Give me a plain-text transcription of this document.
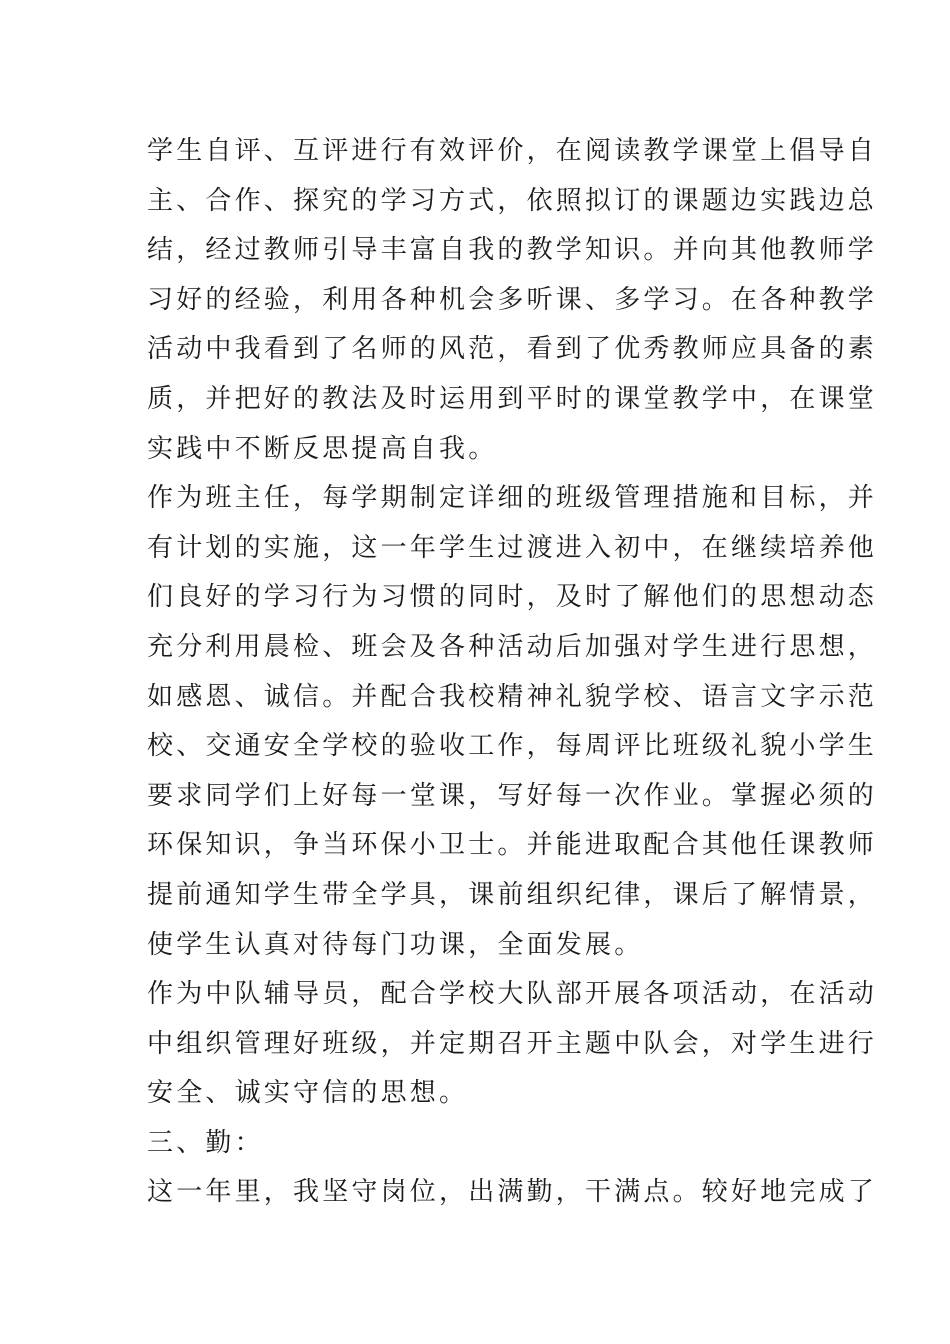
学生自评、互评进行有效评价，在阅读教学课堂上倡导自
主、合作、探究的学习方式，依照拟订的课题边实践边总
结，经过教师引导丰富自我的教学知识。并向其他教师学
习好的经验，利用各种机会多听课、多学习。在各种教学
活动中我看到了名师的风范，看到了优秀教师应具备的素
质，并把好的教法及时运用到平时的课堂教学中，在课堂
实践中不断反思提高自我。
作为班主任，每学期制定详细的班级管理措施和目标，并
有计划的实施，这一年学生过渡进入初中，在继续培养他
们良好的学习行为习惯的同时，及时了解他们的思想动态
充分利用晨检、班会及各种活动后加强对学生进行思想，
如感恩、诚信。并配合我校精神礼貌学校、语言文字示范
校、交通安全学校的验收工作，每周评比班级礼貌小学生
要求同学们上好每一堂课，写好每一次作业。掌握必须的
环保知识，争当环保小卫士。并能进取配合其他任课教师
提前通知学生带全学具，课前组织纪律，课后了解情景，
使学生认真对待每门功课，全面发展。
作为中队辅导员，配合学校大队部开展各项活动，在活动
中组织管理好班级，并定期召开主题中队会，对学生进行
安全、诚实守信的思想。
三、勤：
这一年里，我坚守岗位，出满勤，干满点。较好地完成了
